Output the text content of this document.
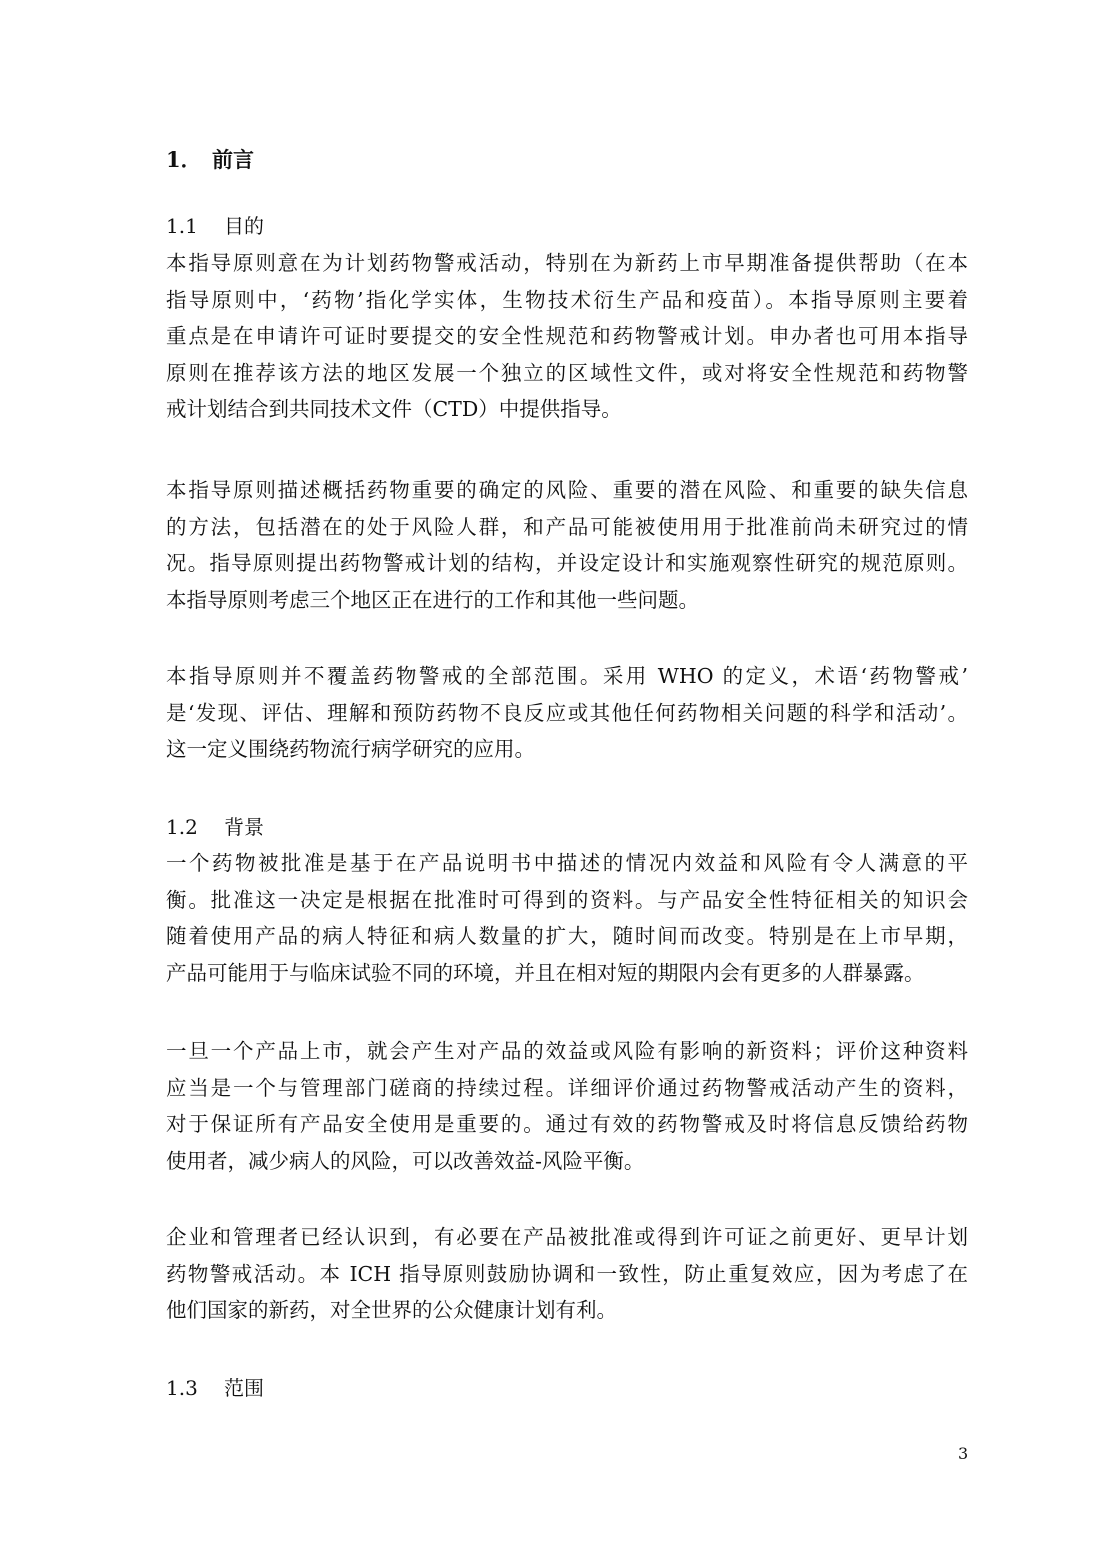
1． 前言
1.1 目的

本指导原则意在为计划药物警戒活动，特别在为新药上市早期准备提供帮助（在本
指导原则中，‘药物’指化学实体，生物技术衍生产品和疫苗）。本指导原则主要着
重点是在申请许可证时要提交的安全性规范和药物警戒计划。申办者也可用本指导
原则在推荐该方法的地区发展一个独立的区域性文件，或对将安全性规范和药物警
戒计划结合到共同技术文件（CTD）中提供指导。

本指导原则描述概括药物重要的确定的风险、重要的潜在风险、和重要的缺失信息
的方法，包括潜在的处于风险人群，和产品可能被使用用于批准前尚未研究过的情
况。指导原则提出药物警戒计划的结构，并设定设计和实施观察性研究的规范原则。
本指导原则考虑三个地区正在进行的工作和其他一些问题。

本指导原则并不覆盖药物警戒的全部范围。采用 WHO 的定义，术语‘药物警戒’
是‘发现、评估、理解和预防药物不良反应或其他任何药物相关问题的科学和活动’。
这一定义围绕药物流行病学研究的应用。

1.2 背景

一个药物被批准是基于在产品说明书中描述的情况内效益和风险有令人满意的平
衡。批准这一决定是根据在批准时可得到的资料。与产品安全性特征相关的知识会
随着使用产品的病人特征和病人数量的扩大，随时间而改变。特别是在上市早期，
产品可能用于与临床试验不同的环境，并且在相对短的期限内会有更多的人群暴露。

一旦一个产品上市，就会产生对产品的效益或风险有影响的新资料；评价这种资料
应当是一个与管理部门磋商的持续过程。详细评价通过药物警戒活动产生的资料，
对于保证所有产品安全使用是重要的。通过有效的药物警戒及时将信息反馈给药物
使用者，减少病人的风险，可以改善效益-风险平衡。

企业和管理者已经认识到，有必要在产品被批准或得到许可证之前更好、更早计划
药物警戒活动。本 ICH 指导原则鼓励协调和一致性，防止重复效应，因为考虑了在
他们国家的新药，对全世界的公众健康计划有利。

1.3 范围
3
